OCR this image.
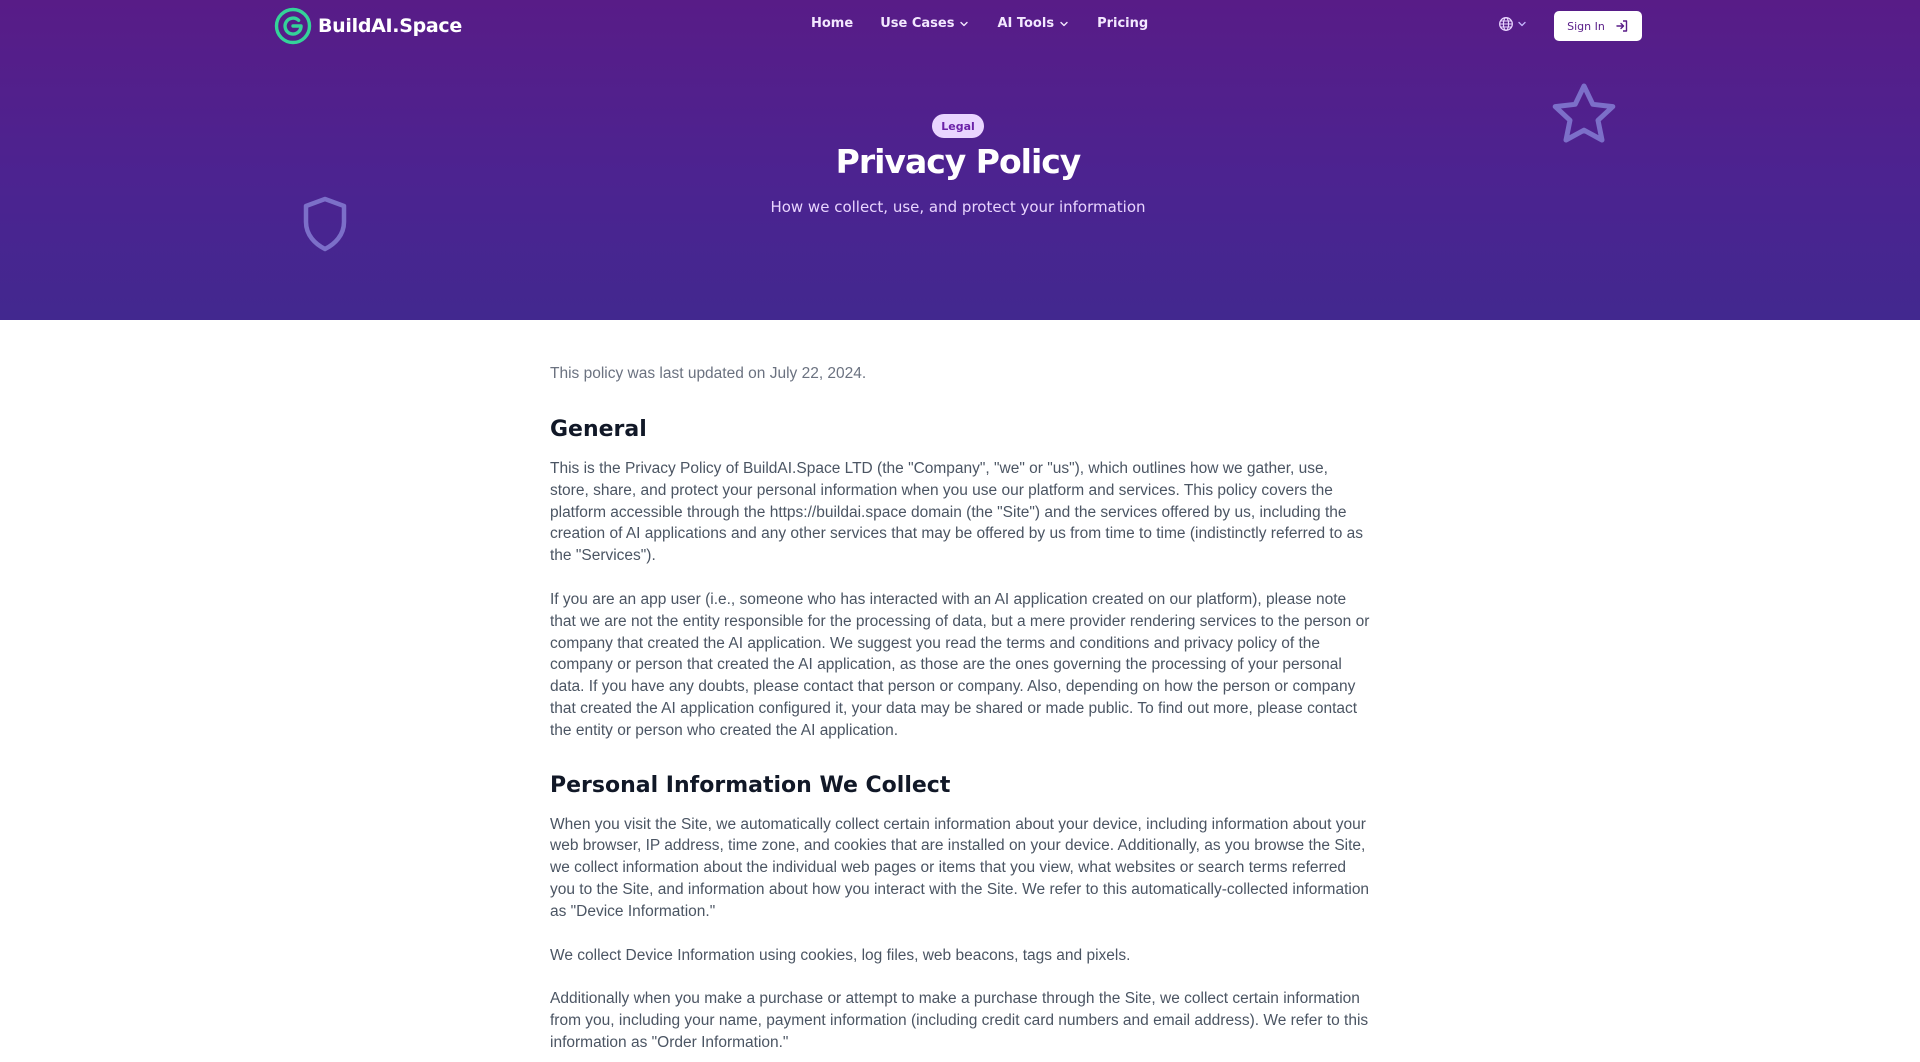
BuildAI.Space	Home Use Cases	AI Tools	Pricing	Sign In
Legal
Privacy Policy
How we collect, use, and protect your information
This policy was last updated on July 22, 2024.
General

This is the Privacy Policy of BuildAI.Space LTD (the "Company", "we" or "us"), which outlines how we gather, use, store, share, and protect your personal information when you use our platform and services. This policy covers the platform accessible through the https://buildai.space domain (the "Site") and the services offered by us, including the creation of AI applications and any other services that may be offered by us from time to time (indistinctly referred to as the "Services").

If you are an app user (i.e., someone who has interacted with an AI application created on our platform), please note that we are not the entity responsible for the processing of data, but a mere provider rendering services to the person or company that created the AI application. We suggest you read the terms and conditions and privacy policy of the company or person that created the AI application, as those are the ones governing the processing of your personal data. If you have any doubts, please contact that person or company. Also, depending on how the person or company that created the AI application configured it, your data may be shared or made public. To find out more, please contact the entity or person who created the AI application.

Personal Information We Collect

When you visit the Site, we automatically collect certain information about your device, including information about your web browser, IP address, time zone, and cookies that are installed on your device. Additionally, as you browse the Site, we collect information about the individual web pages or items that you view, what websites or search terms referred you to the Site, and information about how you interact with the Site. We refer to this automatically-collected information as "Device Information."

We collect Device Information using cookies, log files, web beacons, tags and pixels.

Additionally when you make a purchase or attempt to make a purchase through the Site, we collect certain information from you, including your name, payment information (including credit card numbers and email address). We refer to this information as "Order Information."
